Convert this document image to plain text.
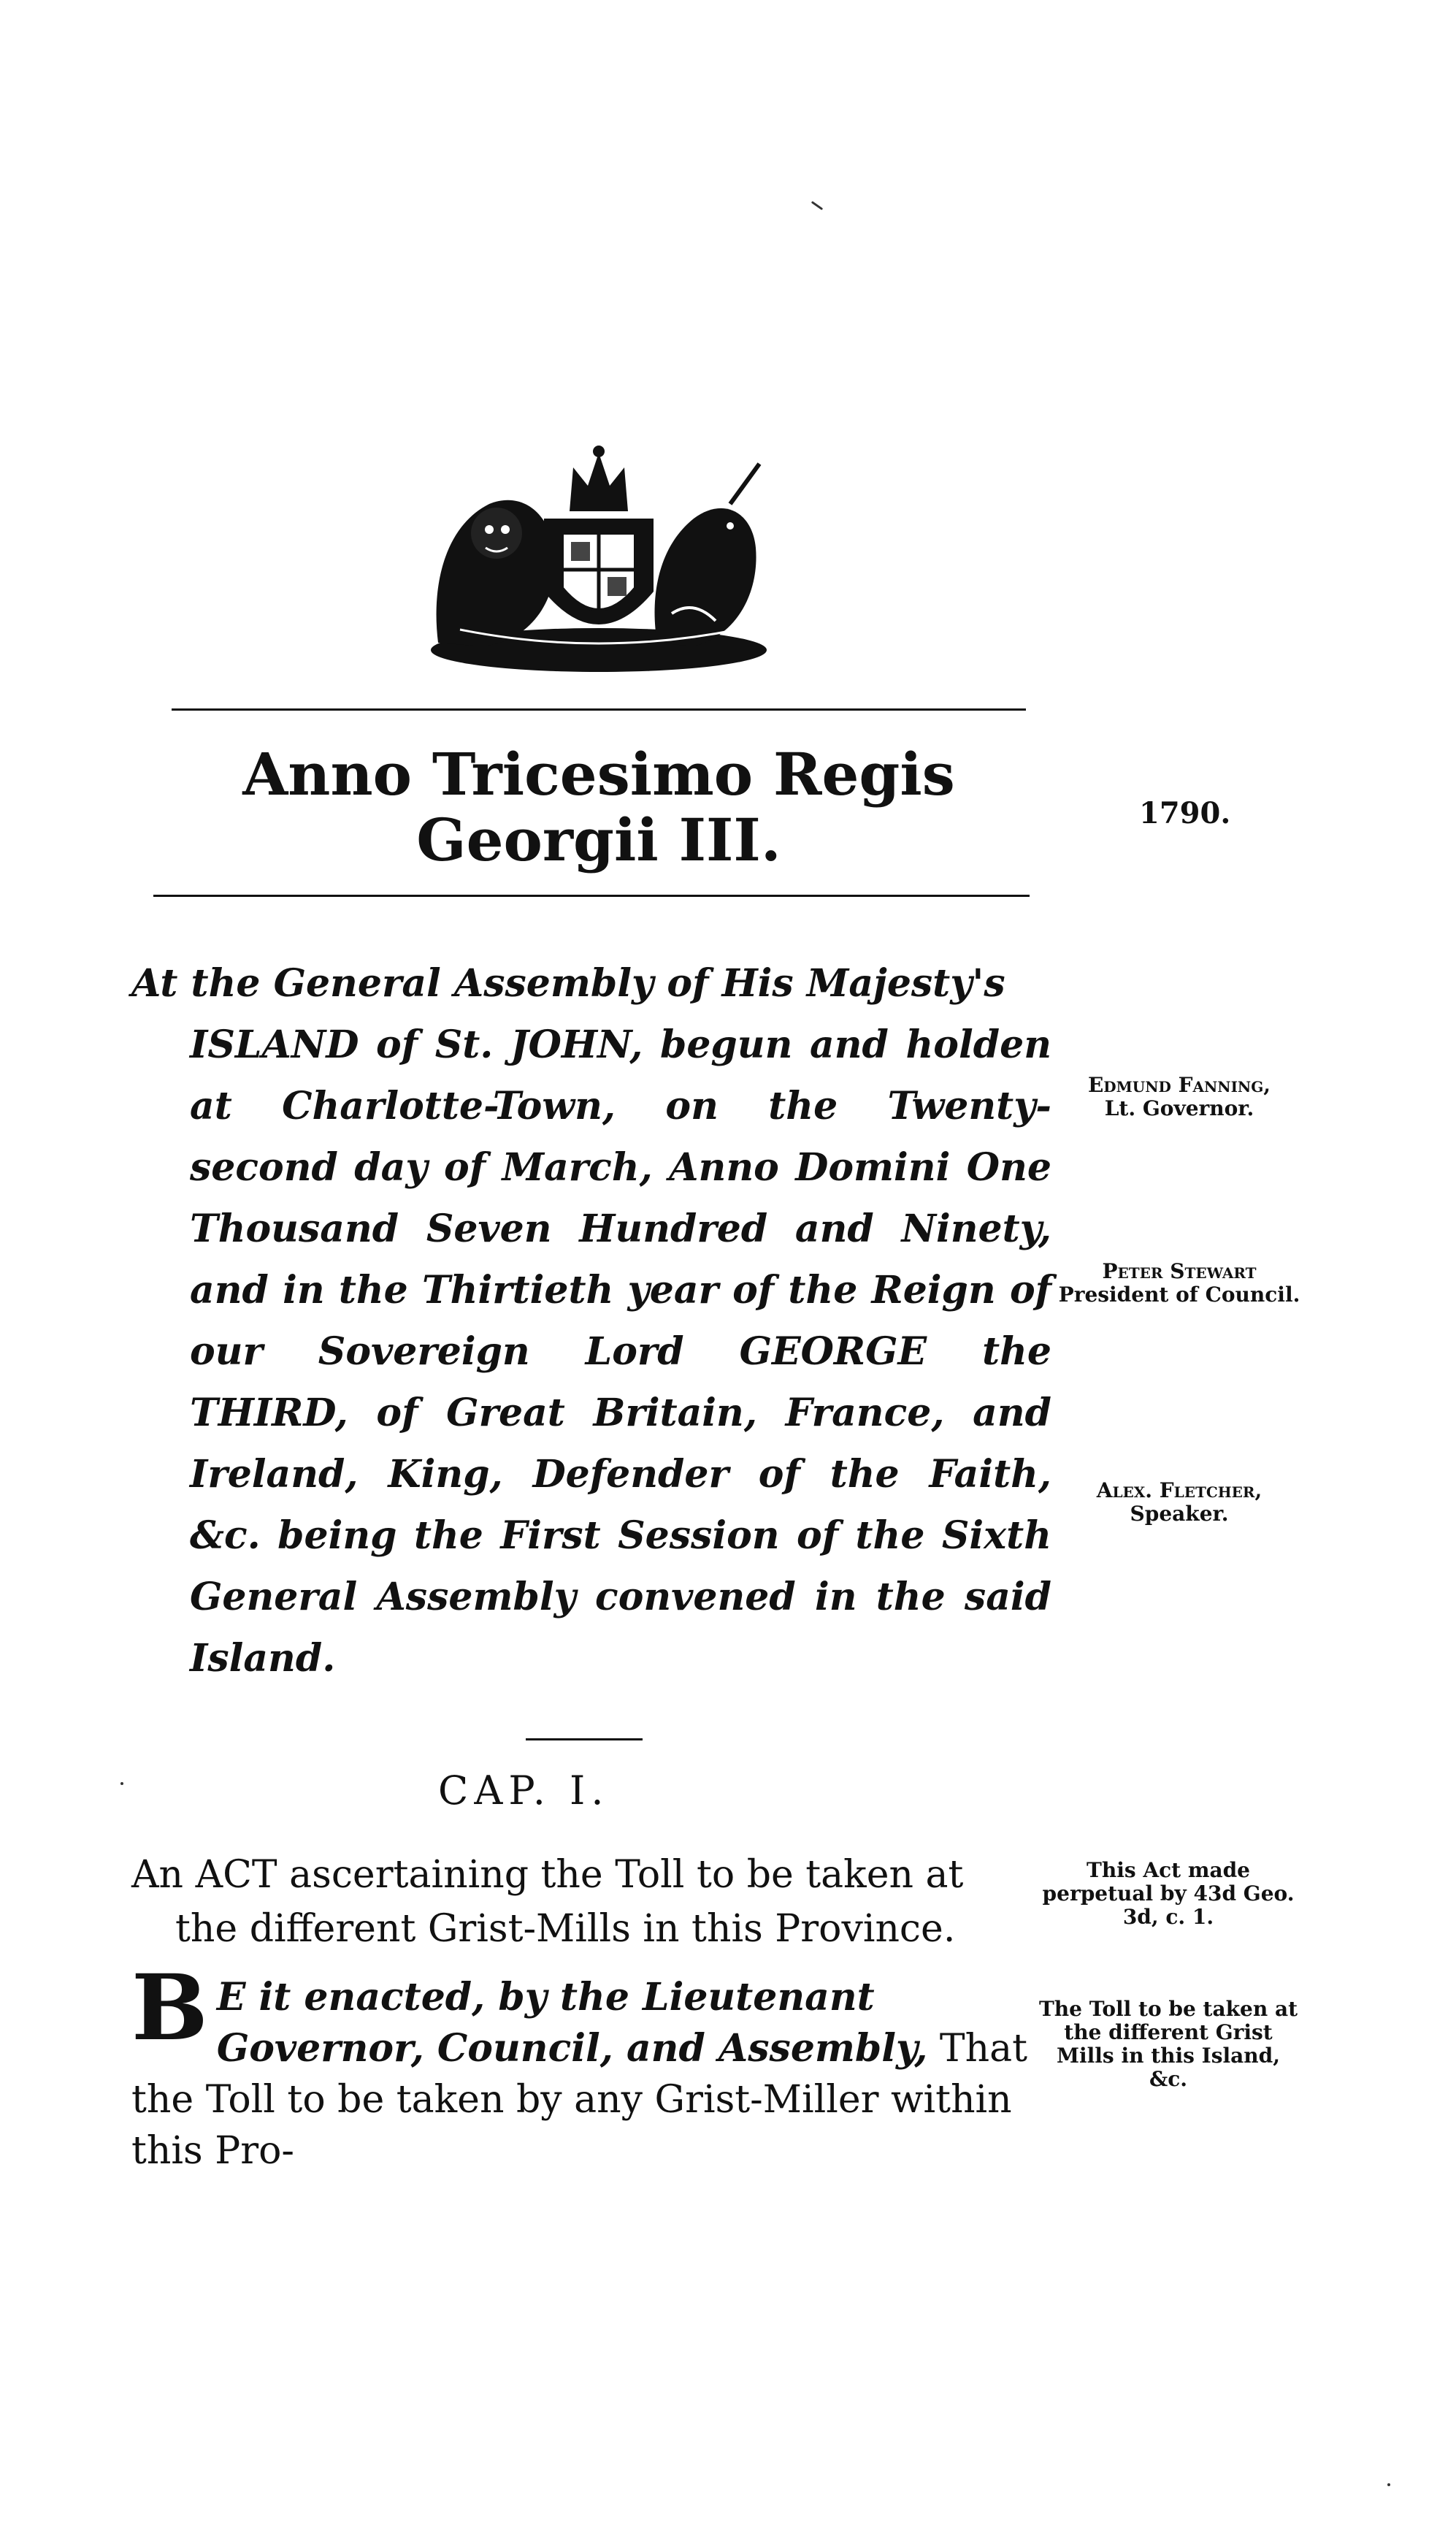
Anno Tricesimo Regis
Georgii III.	1790.
At the General Assembly of His Majesty's
ISLAND of St. JOHN, begun and holden at Charlotte-Town, on the Twenty-second day of March, Anno Domini One Thousand Seven Hundred and Ninety, and in the Thirtieth year of the Reign of our Sovereign Lord GEORGE the THIRD, of Great Britain, France, and Ireland, King, Defender of the Faith, &c. being the First Session of the Sixth General Assembly convened in the said Island.
Edmund Fanning,
Lt. Governor.
Peter Stewart
President of Council.
Alex. Fletcher,
Speaker.
CAP. I.
An ACT ascertaining the Toll to be taken at
the different Grist-Mills in this Province.
This Act made perpetual by 43d Geo. 3d, c. 1.
B E it enacted, by the Lieutenant Governor, Council, and Assembly, That the Toll to be taken by any Grist-Miller within this Pro-
The Toll to be taken at the different Grist Mills in this Island, &c.
